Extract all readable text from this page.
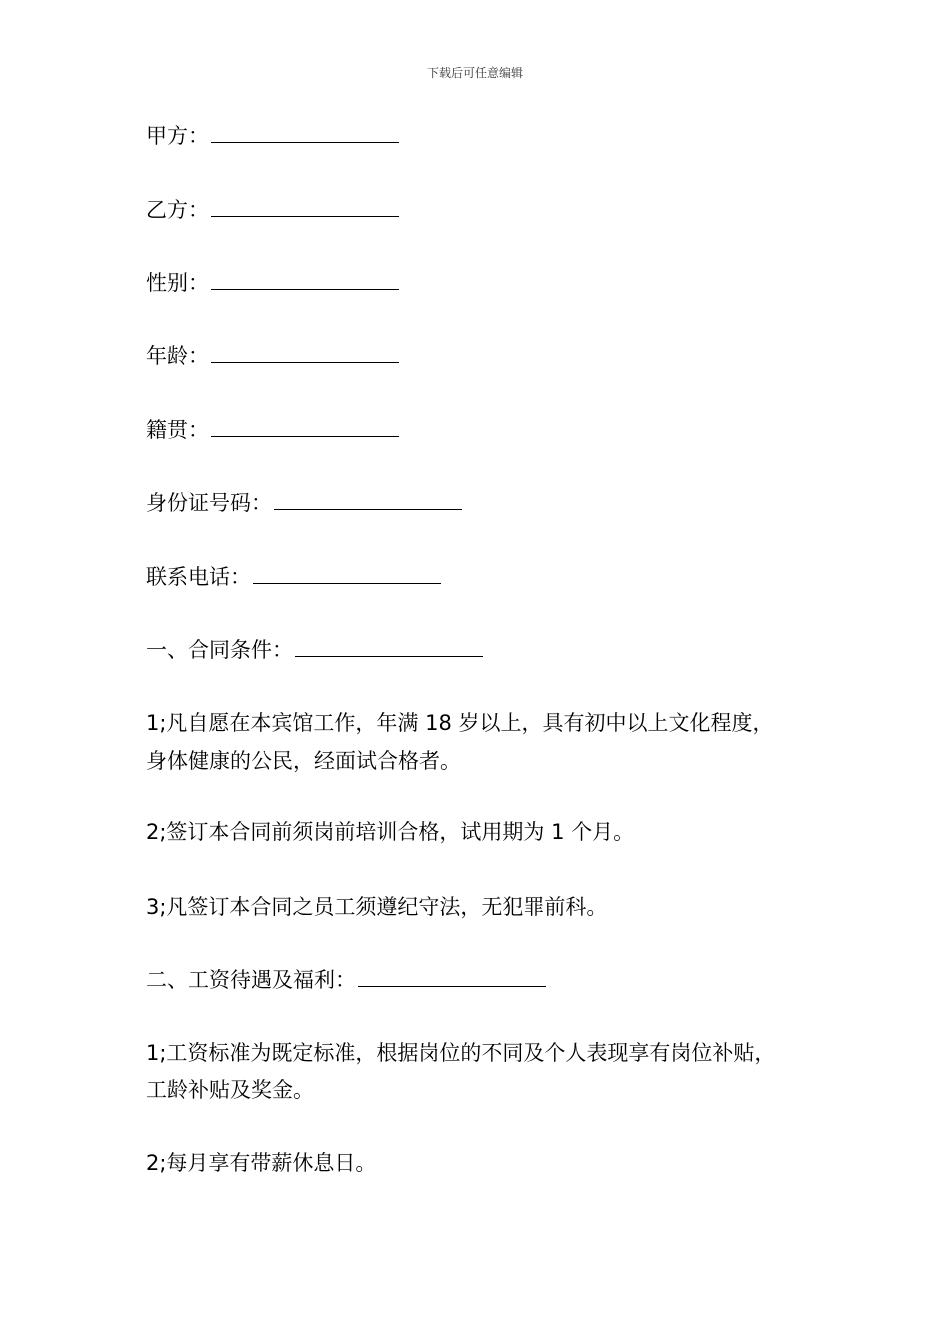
下载后可任意编辑
甲方：
乙方：
性别：
年龄：
籍贯：
身份证号码：
联系电话：
一、合同条件：
1;凡自愿在本宾馆工作，年满 18 岁以上，具有初中以上文化程度，
身体健康的公民，经面试合格者。
2;签订本合同前须岗前培训合格，试用期为 1 个月。
3;凡签订本合同之员工须遵纪守法，无犯罪前科。
二、工资待遇及福利：
1;工资标准为既定标准，根据岗位的不同及个人表现享有岗位补贴，
工龄补贴及奖金。
2;每月享有带薪休息日。
